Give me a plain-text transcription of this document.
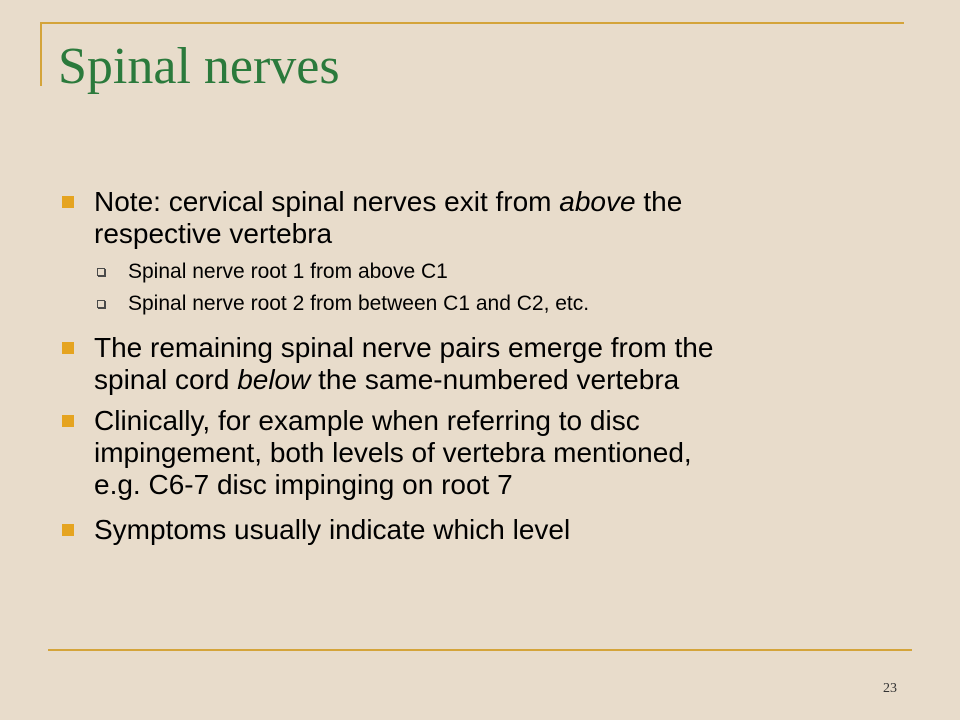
Spinal nerves
Note: cervical spinal nerves exit from above the
respective vertebra
Spinal nerve root 1 from above C1
Spinal nerve root 2 from between C1 and C2, etc.
The remaining spinal nerve pairs emerge from the
spinal cord below the same-numbered vertebra
Clinically, for example when referring to disc
impingement, both levels of vertebra mentioned,
e.g. C6-7 disc impinging on root 7
Symptoms usually indicate which level
23
